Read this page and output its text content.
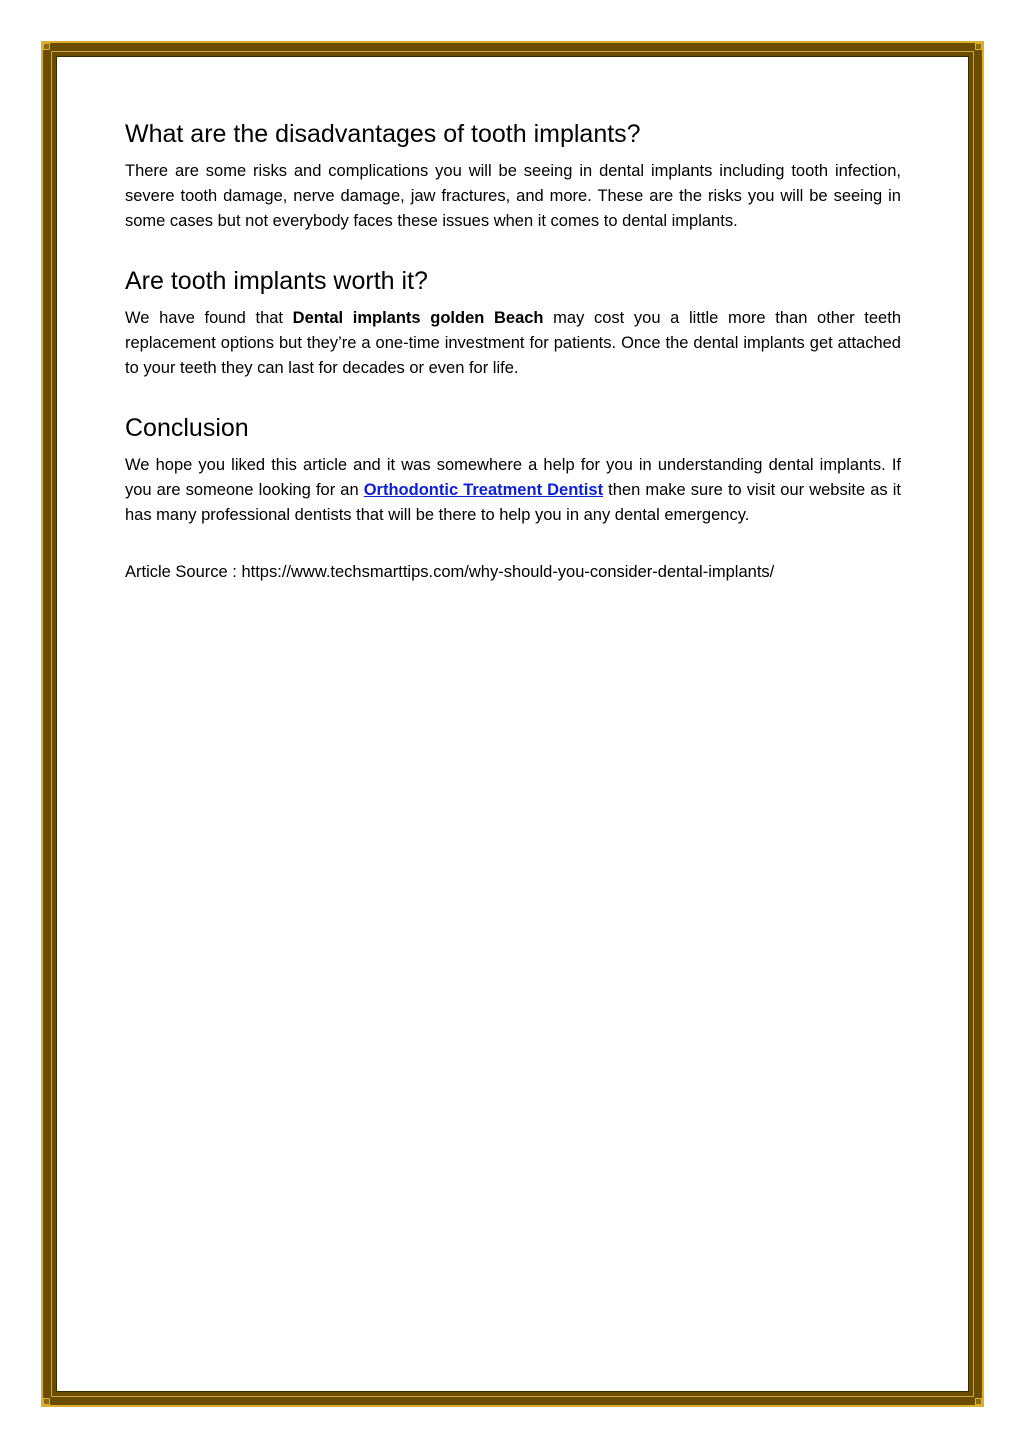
What are the disadvantages of tooth implants?

There are some risks and complications you will be seeing in dental implants including tooth infection, severe tooth damage, nerve damage, jaw fractures, and more. These are the risks you will be seeing in some cases but not everybody faces these issues when it comes to dental implants.

Are tooth implants worth it?

We have found that Dental implants golden Beach may cost you a little more than other teeth replacement options but they’re a one-time investment for patients. Once the dental implants get attached to your teeth they can last for decades or even for life.

Conclusion

We hope you liked this article and it was somewhere a help for you in understanding dental implants. If you are someone looking for an Orthodontic Treatment Dentist then make sure to visit our website as it has many professional dentists that will be there to help you in any dental emergency.

Article Source : https://www.techsmarttips.com/why-should-you-consider-dental-implants/
